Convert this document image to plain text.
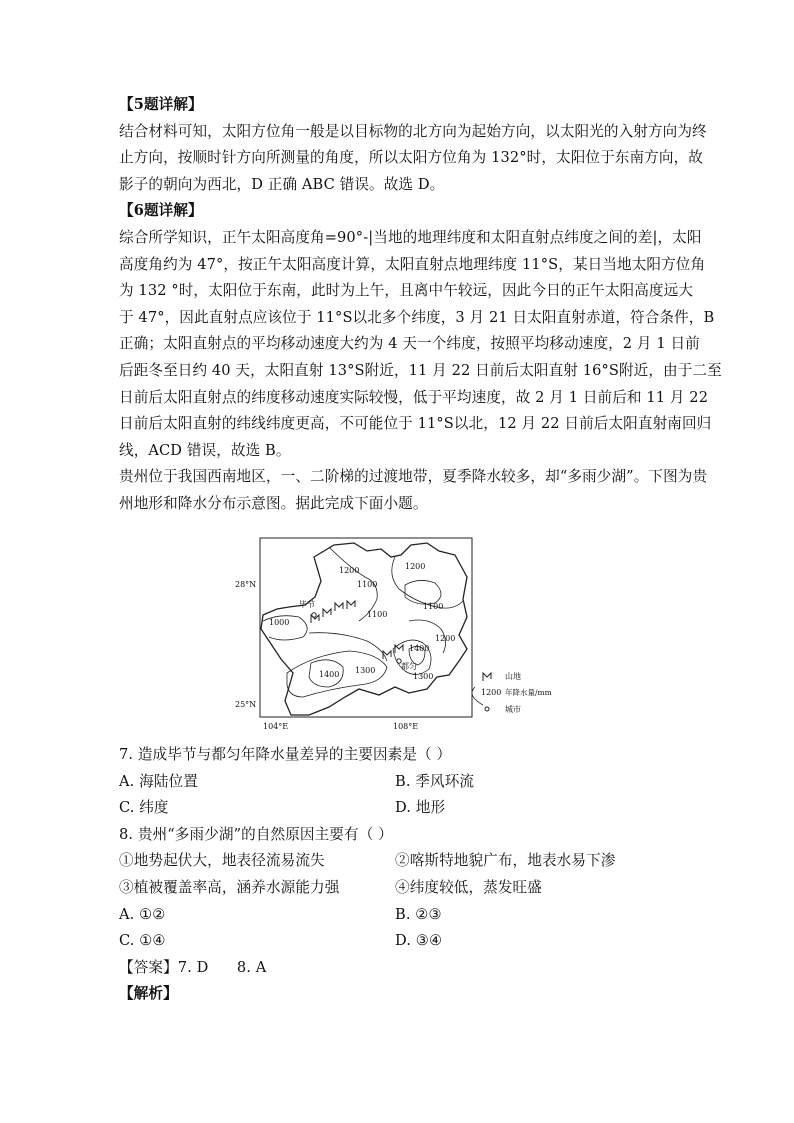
【5题详解】
结合材料可知，太阳方位角一般是以目标物的北方向为起始方向，以太阳光的入射方向为终
止方向，按顺时针方向所测量的角度，所以太阳方位角为 132°时，太阳位于东南方向，故
影子的朝向为西北，D 正确 ABC 错误。故选 D。
【6题详解】
综合所学知识，正午太阳高度角=90°-|当地的地理纬度和太阳直射点纬度之间的差|，太阳
高度角约为 47°，按正午太阳高度计算，太阳直射点地理纬度 11°S，某日当地太阳方位角
为 132 °时，太阳位于东南，此时为上午，且离中午较远，因此今日的正午太阳高度远大
于 47°，因此直射点应该位于 11°S以北多个纬度，3 月 21 日太阳直射赤道，符合条件，B
正确；太阳直射点的平均移动速度大约为 4 天一个纬度，按照平均移动速度，2 月 1 日前
后距冬至日约 40 天，太阳直射 13°S附近，11 月 22 日前后太阳直射 16°S附近，由于二至
日前后太阳直射点的纬度移动速度实际较慢，低于平均速度，故 2 月 1 日前后和 11 月 22
日前后太阳直射的纬线纬度更高，不可能位于 11°S以北，12 月 22 日前后太阳直射南回归
线，ACD 错误，故选 B。
贵州位于我国西南地区，一、二阶梯的过渡地带，夏季降水较多，却“多雨少湖”。下图为贵
州地形和降水分布示意图。据此完成下面小题。
28°N
25°N
104°E	108°E
1200
1100
1200
1100
1000
1100
1200
1400
1400 1300
1300
毕节
都匀
山地
1200 年降水量/mm
城市
7. 造成毕节与都匀年降水量差异的主要因素是（ ）
A. 海陆位置	B. 季风环流
C. 纬度	D. 地形
8. 贵州“多雨少湖”的自然原因主要有（ ）
①地势起伏大，地表径流易流失	②喀斯特地貌广布，地表水易下渗
③植被覆盖率高，涵养水源能力强	④纬度较低，蒸发旺盛
A. ①②	B. ②③
C. ①④	D. ③④
【答案】7. D      8. A
【解析】
